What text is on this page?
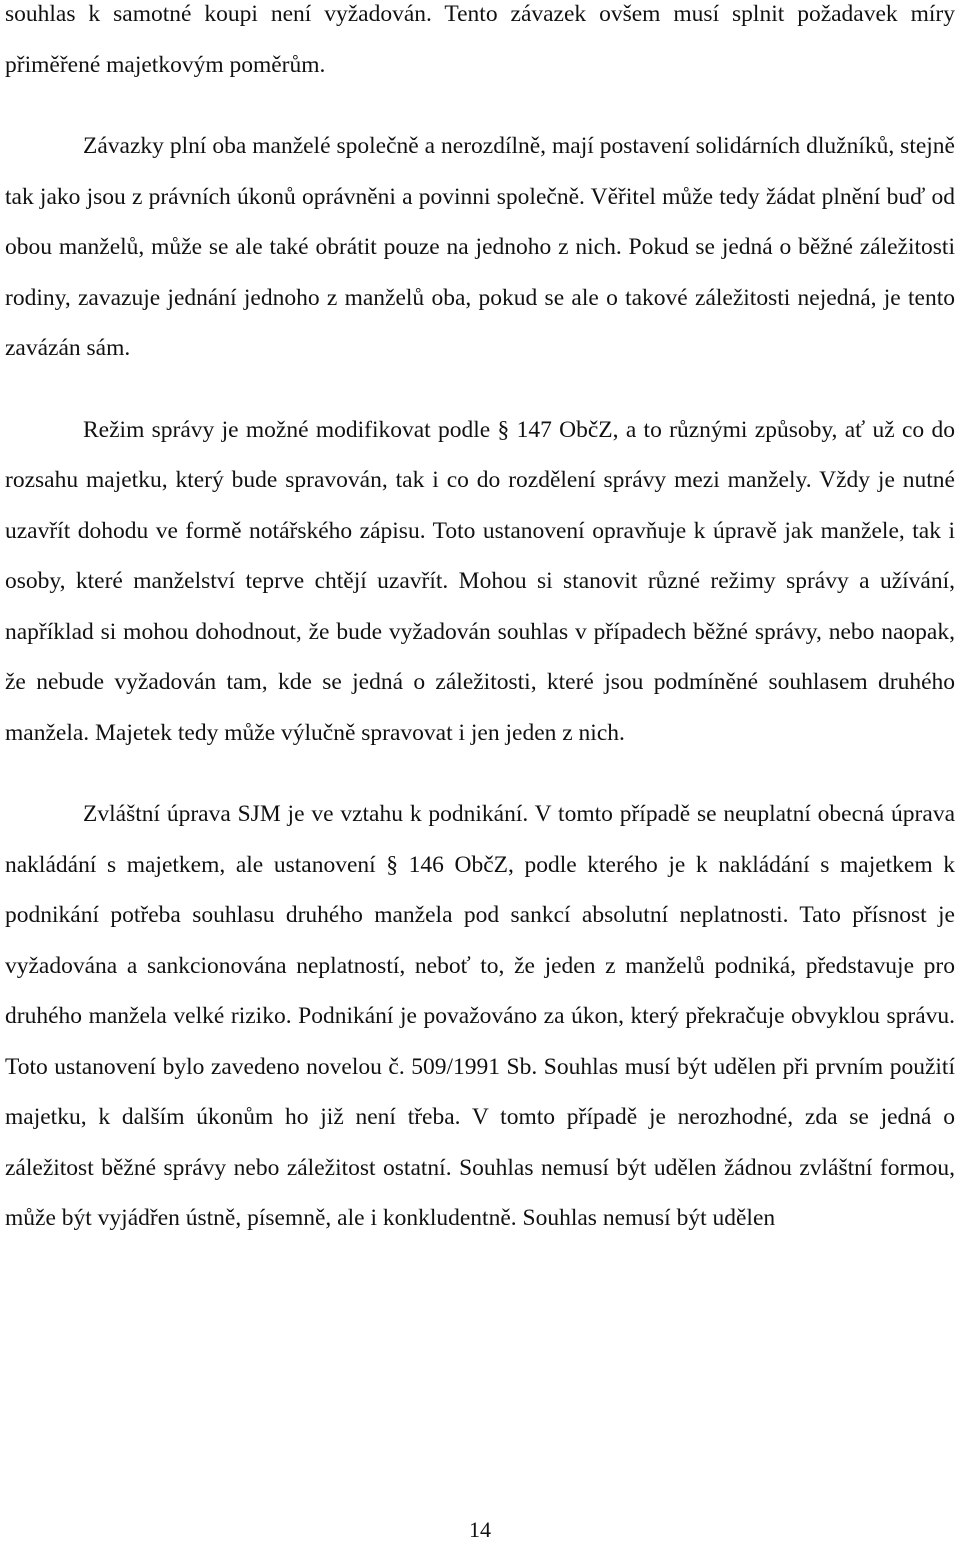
souhlas k samotné koupi není vyžadován. Tento závazek ovšem musí splnit požadavek míry přiměřené majetkovým poměrům.

Závazky plní oba manželé společně a nerozdílně, mají postavení solidárních dlužníků, stejně tak jako jsou z právních úkonů oprávněni a povinni společně. Věřitel může tedy žádat plnění buď od obou manželů, může se ale také obrátit pouze na jednoho z nich. Pokud se jedná o běžné záležitosti rodiny, zavazuje jednání jednoho z manželů oba, pokud se ale o takové záležitosti nejedná, je tento zavázán sám.

Režim správy je možné modifikovat podle § 147 ObčZ, a to různými způsoby, ať už co do rozsahu majetku, který bude spravován, tak i co do rozdělení správy mezi manžely. Vždy je nutné uzavřít dohodu ve formě notářského zápisu. Toto ustanovení opravňuje k úpravě jak manžele, tak i osoby, které manželství teprve chtějí uzavřít. Mohou si stanovit různé režimy správy a užívání, například si mohou dohodnout, že bude vyžadován souhlas v případech běžné správy, nebo naopak, že nebude vyžadován tam, kde se jedná o záležitosti, které jsou podmíněné souhlasem druhého manžela. Majetek tedy může výlučně spravovat i jen jeden z nich.

Zvláštní úprava SJM je ve vztahu k podnikání. V tomto případě se neuplatní obecná úprava nakládání s majetkem, ale ustanovení § 146 ObčZ, podle kterého je k nakládání s majetkem k podnikání potřeba souhlasu druhého manžela pod sankcí absolutní neplatnosti. Tato přísnost je vyžadována a sankcionována neplatností, neboť to, že jeden z manželů podniká, představuje pro druhého manžela velké riziko. Podnikání je považováno za úkon, který překračuje obvyklou správu. Toto ustanovení bylo zavedeno novelou č. 509/1991 Sb. Souhlas musí být udělen při prvním použití majetku, k dalším úkonům ho již není třeba. V tomto případě je nerozhodné, zda se jedná o záležitost běžné správy nebo záležitost ostatní. Souhlas nemusí být udělen žádnou zvláštní formou, může být vyjádřen ústně, písemně, ale i konkludentně. Souhlas nemusí být udělen

14
